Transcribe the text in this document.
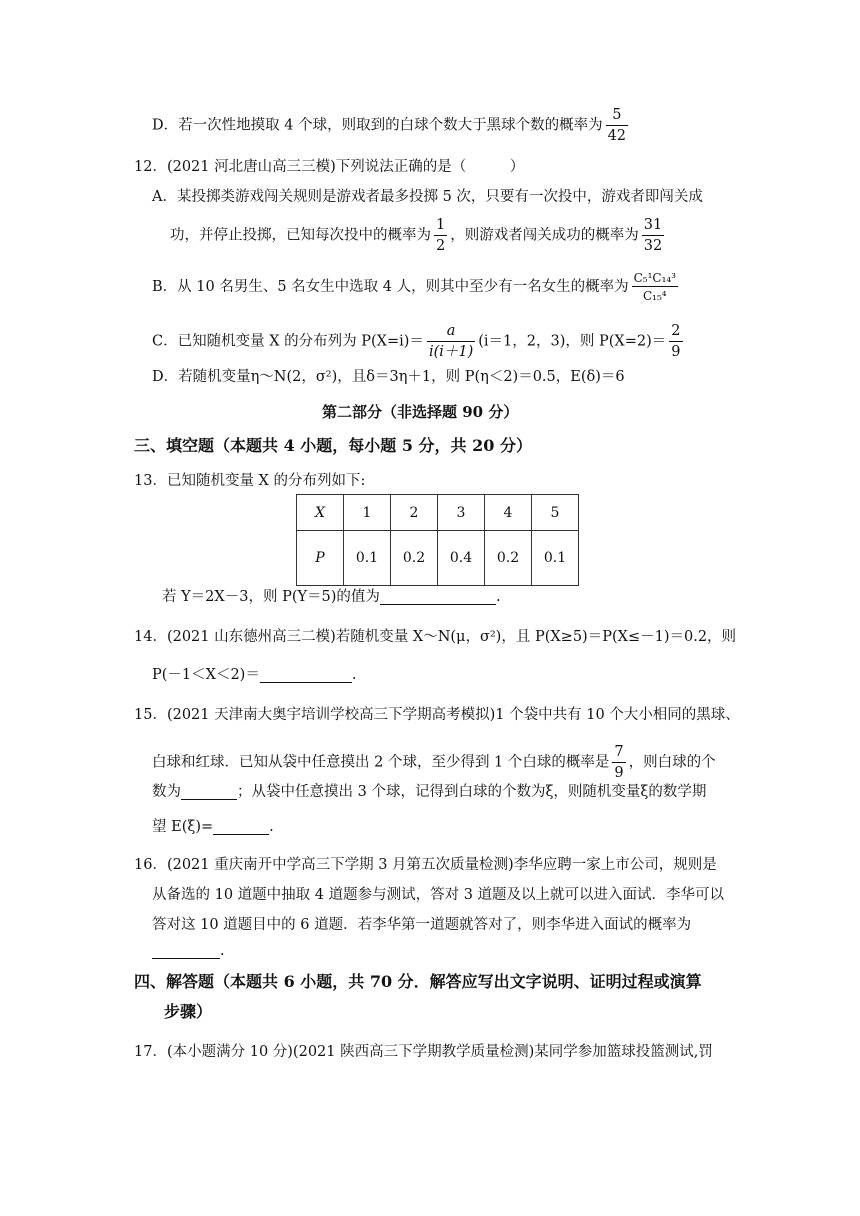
D．若一次性地摸取 4 个球，则取到的白球个数大于黑球个数的概率为 $\frac{5}{42}$
12．(2021 河北唐山高三三模)下列说法正确的是（　　　）
A．某投掷类游戏闯关规则是游戏者最多投掷 5 次，只要有一次投中，游戏者即闯关成
功，并停止投掷，已知每次投中的概率为 $\frac{1}{2}$ ，则游戏者闯关成功的概率为 $\frac{31}{32}$
B．从 10 名男生、5 名女生中选取 4 人，则其中至少有一名女生的概率为 $\frac{\text{C₅¹C₁₄³}}{\text{C₁₅⁴}}$
C．已知随机变量 X 的分布列为 $P(X=i)= \frac{a}{i(i+1)} (i=1$，2，3)，则 $P(X=2)= \frac{2}{9}$
D．若随机变量η～N(2，σ²)，且δ＝3η＋1，则 P(η＜2)＝0.5，E(δ)＝6
第二部分（非选择题 90 分）
三、填空题（本题共 4 小题，每小题 5 分，共 20 分）
13．已知随机变量 X 的分布列如下:
X	1	2	3	4	5
P	0.1	0.2	0.4	0.2	0.1
若 Y＝2X－3，则 P(Y＝5)的值为	.
14．(2021 山东德州高三二模)若随机变量 X～N(μ，σ²)，且 P(X≥5)＝P(X≤－1)＝0.2，则
P(－1＜X＜2)＝	.
15．(2021 天津南大奥宇培训学校高三下学期高考模拟)1 个袋中共有 10 个大小相同的黑球、
白球和红球．已知从袋中任意摸出 2 个球，至少得到 1 个白球的概率是 $\frac{7}{9}$ ，则白球的个
数为	；从袋中任意摸出 3 个球，记得到白球的个数为ξ，则随机变量ξ的数学期
望 E(ξ)=	.
16．(2021 重庆南开中学高三下学期 3 月第五次质量检测)李华应聘一家上市公司，规则是
从备选的 10 道题中抽取 4 道题参与测试，答对 3 道题及以上就可以进入面试．李华可以
答对这 10 道题目中的 6 道题．若李华第一道题就答对了，则李华进入面试的概率为
.
四、解答题（本题共 6 小题，共 70 分．解答应写出文字说明、证明过程或演算
步骤）
17．(本小题满分 10 分)(2021 陕西高三下学期教学质量检测)某同学参加篮球投篮测试,罚
